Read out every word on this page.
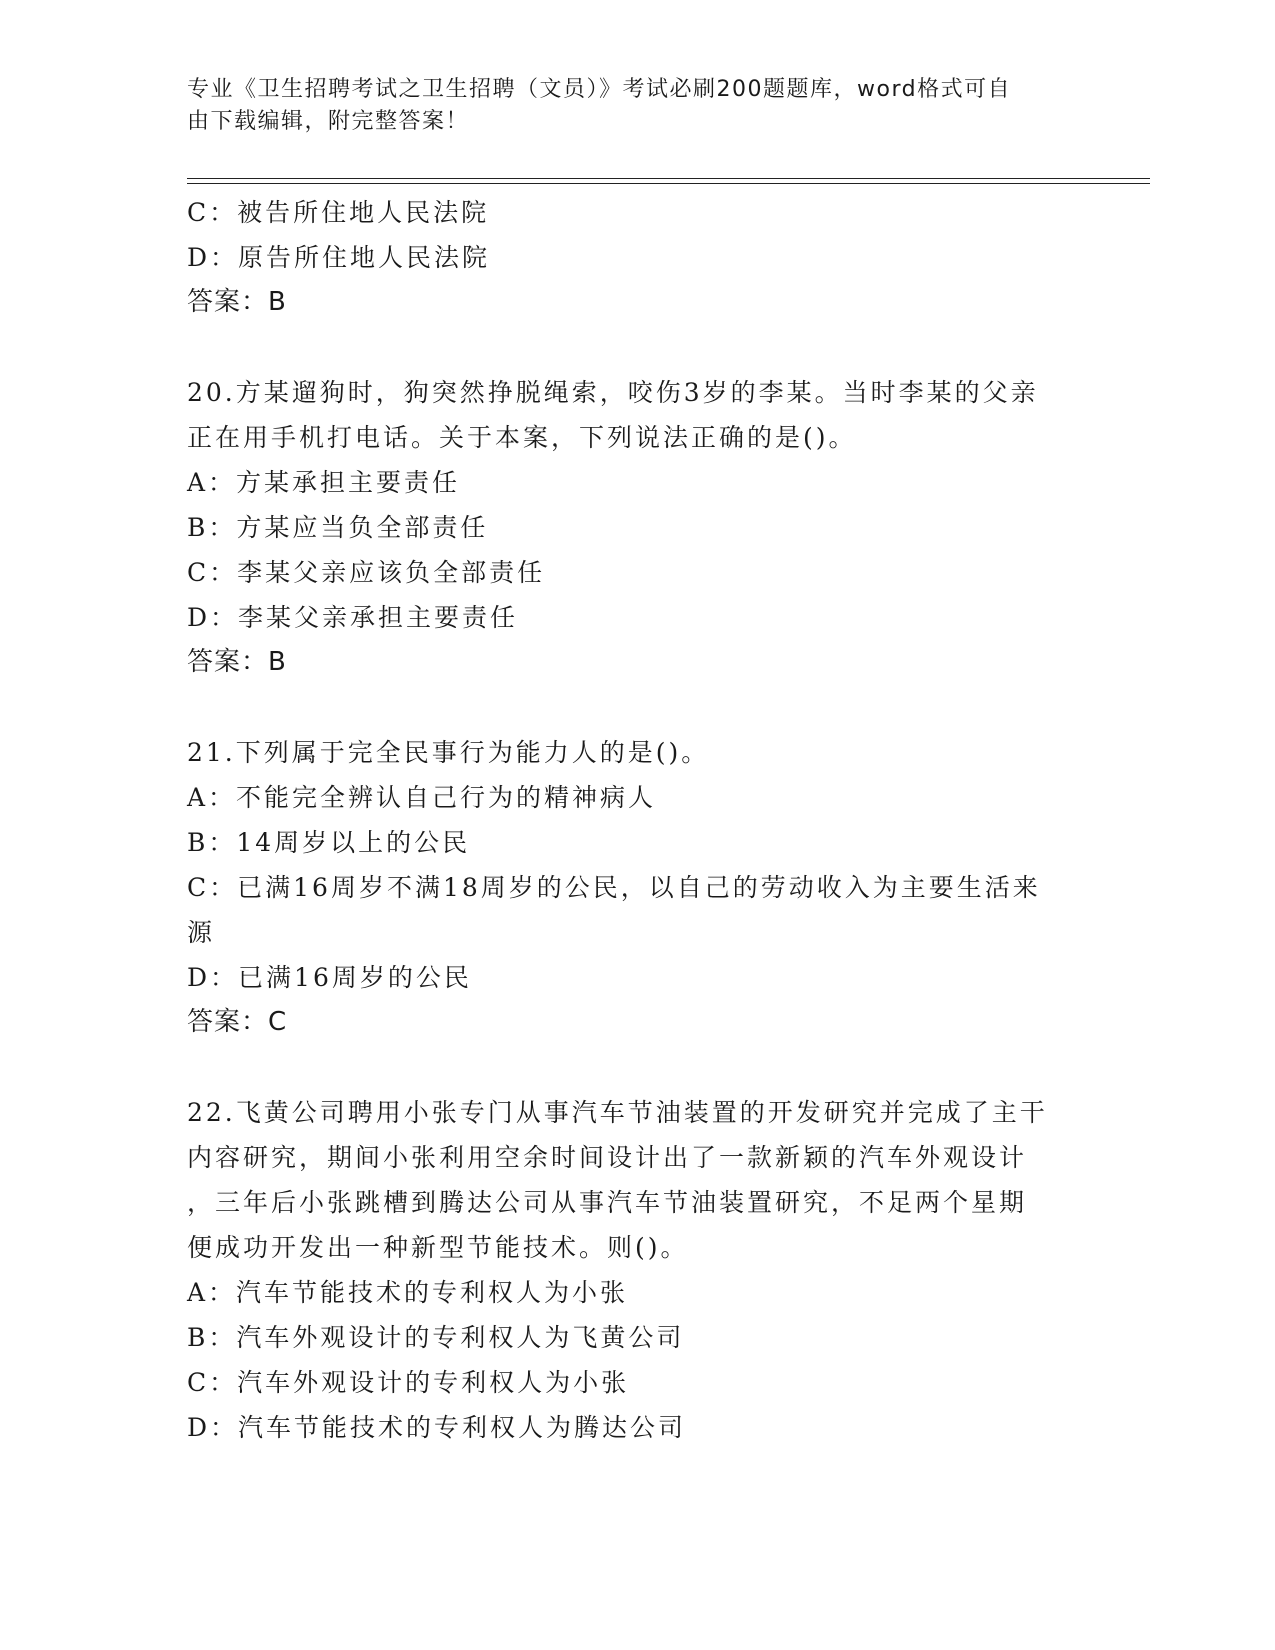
专业《卫生招聘考试之卫生招聘（文员）》考试必刷200题题库，word格式可自
由下载编辑，附完整答案！
C：被告所住地人民法院
D：原告所住地人民法院
答案：B
20.方某遛狗时，狗突然挣脱绳索，咬伤3岁的李某。当时李某的父亲
正在用手机打电话。关于本案，下列说法正确的是()。
A：方某承担主要责任
B：方某应当负全部责任
C：李某父亲应该负全部责任
D：李某父亲承担主要责任
答案：B
21.下列属于完全民事行为能力人的是()。
A：不能完全辨认自己行为的精神病人
B：14周岁以上的公民
C：已满16周岁不满18周岁的公民，以自己的劳动收入为主要生活来
源
D：已满16周岁的公民
答案：C
22.飞黄公司聘用小张专门从事汽车节油装置的开发研究并完成了主干
内容研究，期间小张利用空余时间设计出了一款新颖的汽车外观设计
，三年后小张跳槽到腾达公司从事汽车节油装置研究，不足两个星期
便成功开发出一种新型节能技术。则()。
A：汽车节能技术的专利权人为小张
B：汽车外观设计的专利权人为飞黄公司
C：汽车外观设计的专利权人为小张
D：汽车节能技术的专利权人为腾达公司
